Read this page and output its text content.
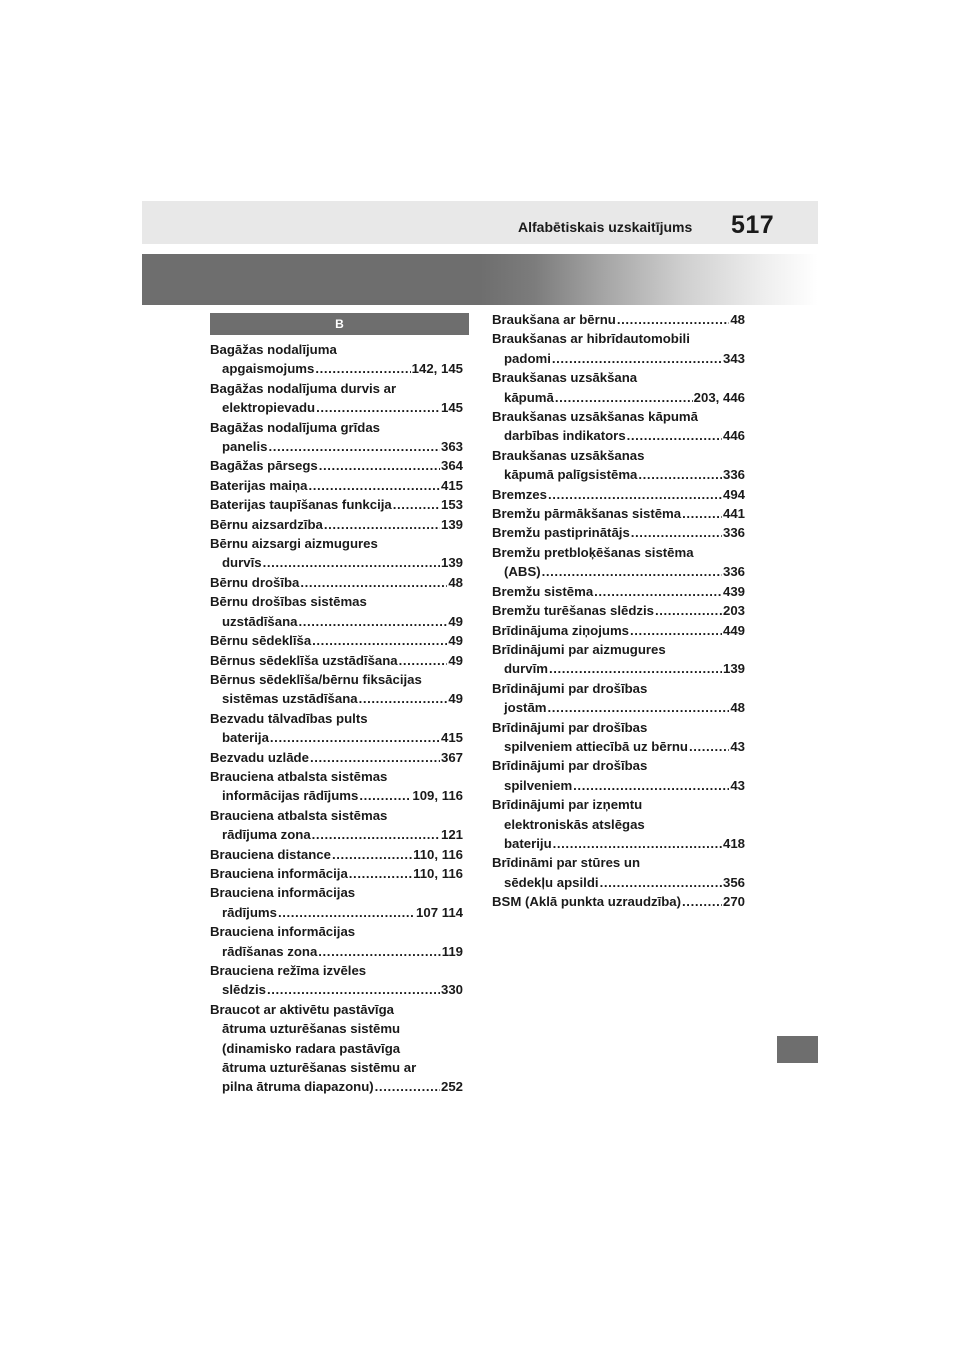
Alfabētiskais uzskaitījums 517
B
Bagāžas nodalījuma
apgaismojums .....	142, 145
Bagāžas nodalījuma durvis ar
elektropievadu .....	145
Bagāžas nodalījuma grīdas
panelis .....	363
Bagāžas pārsegs .....	364
Baterijas maiņa .....	415
Baterijas taupīšanas funkcija .....	153
Bērnu aizsardzība .....	139
Bērnu aizsargi aizmugures
durvīs .....	139
Bērnu drošība .....	48
Bērnu drošības sistēmas
uzstādīšana .....	49
Bērnu sēdeklīša .....	49
Bērnus sēdeklīša uzstādīšana .....	49
Bērnus sēdeklīša/bērnu fiksācijas
sistēmas uzstādīšana .....	49
Bezvadu tālvadības pults
baterija .....	415
Bezvadu uzlāde .....	367
Brauciena atbalsta sistēmas
informācijas rādījums .....	109, 116
Brauciena atbalsta sistēmas
rādījuma zona .....	121
Brauciena distance .....	110, 116
Brauciena informācija .....	110, 116
Brauciena informācijas
rādījums .....	107 114
Brauciena informācijas
rādīšanas zona .....	119
Brauciena režīma izvēles
slēdzis .....	330
Braucot ar aktivētu pastāvīga
ātruma uzturēšanas sistēmu
(dinamisko radara pastāvīga
ātruma uzturēšanas sistēmu ar
pilna ātruma diapazonu) .....	252
Braukšana ar bērnu .....	48
Braukšanas ar hibrīdautomobili
padomi .....	343
Braukšanas uzsākšana
kāpumā .....	203, 446
Braukšanas uzsākšanas kāpumā
darbības indikators .....	446
Braukšanas uzsākšanas
kāpumā palīgsistēma .....	336
Bremzes .....	494
Bremžu pārmākšanas sistēma .....	441
Bremžu pastiprinātājs .....	336
Bremžu pretbloķēšanas sistēma
(ABS) .....	336
Bremžu sistēma .....	439
Bremžu turēšanas slēdzis .....	203
Brīdinājuma ziņojums .....	449
Brīdinājumi par aizmugures
durvīm .....	139
Brīdinājumi par drošības
jostām .....	48
Brīdinājumi par drošības
spilveniem attiecībā uz bērnu .....	43
Brīdinājumi par drošības
spilveniem .....	43
Brīdinājumi par izņemtu
elektroniskās atslēgas
bateriju .....	418
Brīdināmi par stūres un
sēdekļu apsildi .....	356
BSM (Aklā punkta uzraudzība) .....	270
